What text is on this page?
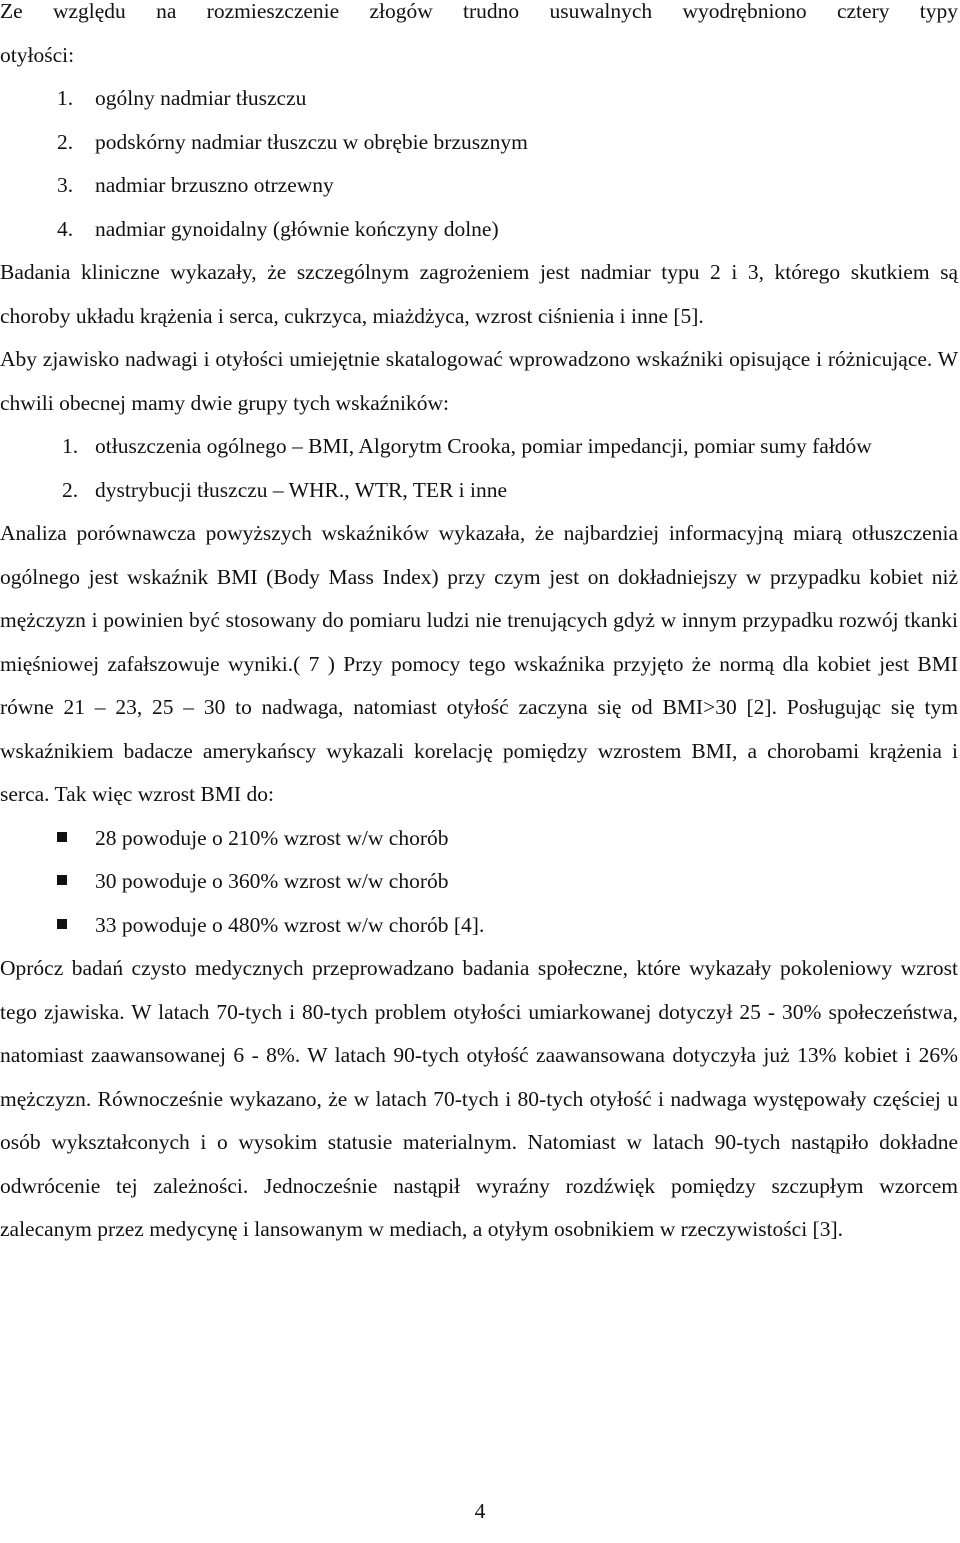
Ze względu na rozmieszczenie złogów trudno usuwalnych wyodrębniono cztery typy

otyłości:

1.	ogólny nadmiar tłuszczu
2.	podskórny nadmiar tłuszczu w obrębie brzusznym
3.	nadmiar brzuszno otrzewny
4.	nadmiar gynoidalny (głównie kończyny dolne)

Badania kliniczne wykazały, że szczególnym zagrożeniem jest nadmiar typu 2 i 3, którego skutkiem są choroby układu krążenia i serca, cukrzyca, miażdżyca, wzrost ciśnienia i inne [5].

Aby zjawisko nadwagi i otyłości umiejętnie skatalogować wprowadzono wskaźniki opisujące i różnicujące. W chwili obecnej mamy dwie grupy tych wskaźników:

1. otłuszczenia ogólnego – BMI, Algorytm Crooka, pomiar impedancji, pomiar sumy fałdów
2. dystrybucji tłuszczu – WHR., WTR, TER i inne

Analiza porównawcza powyższych wskaźników wykazała, że najbardziej informacyjną miarą otłuszczenia ogólnego jest wskaźnik BMI (Body Mass Index) przy czym jest on dokładniejszy w przypadku kobiet niż mężczyzn i powinien być stosowany do pomiaru ludzi nie trenujących gdyż w innym przypadku rozwój tkanki mięśniowej zafałszowuje wyniki.( 7 ) Przy pomocy tego wskaźnika przyjęto że normą dla kobiet jest BMI równe 21 – 23, 25 – 30 to nadwaga, natomiast otyłość zaczyna się od BMI>30 [2]. Posługując się tym wskaźnikiem badacze amerykańscy wykazali korelację pomiędzy wzrostem BMI, a chorobami krążenia i serca. Tak więc wzrost BMI do:

28 powoduje o 210% wzrost w/w chorób
30 powoduje o 360% wzrost w/w chorób
33 powoduje o 480% wzrost w/w chorób [4].

Oprócz badań czysto medycznych przeprowadzano badania społeczne, które wykazały pokoleniowy wzrost tego zjawiska. W latach 70-tych i 80-tych problem otyłości umiarkowanej dotyczył 25 - 30% społeczeństwa, natomiast zaawansowanej 6 - 8%. W latach 90-tych otyłość zaawansowana dotyczyła już 13% kobiet i 26% mężczyzn. Równocześnie wykazano, że w latach 70-tych i 80-tych otyłość i nadwaga występowały częściej u osób wykształconych i o wysokim statusie materialnym. Natomiast w latach 90-tych nastąpiło dokładne odwrócenie tej zależności. Jednocześnie nastąpił wyraźny rozdźwięk pomiędzy szczupłym wzorcem zalecanym przez medycynę i lansowanym w mediach, a otyłym osobnikiem w rzeczywistości [3].

4
